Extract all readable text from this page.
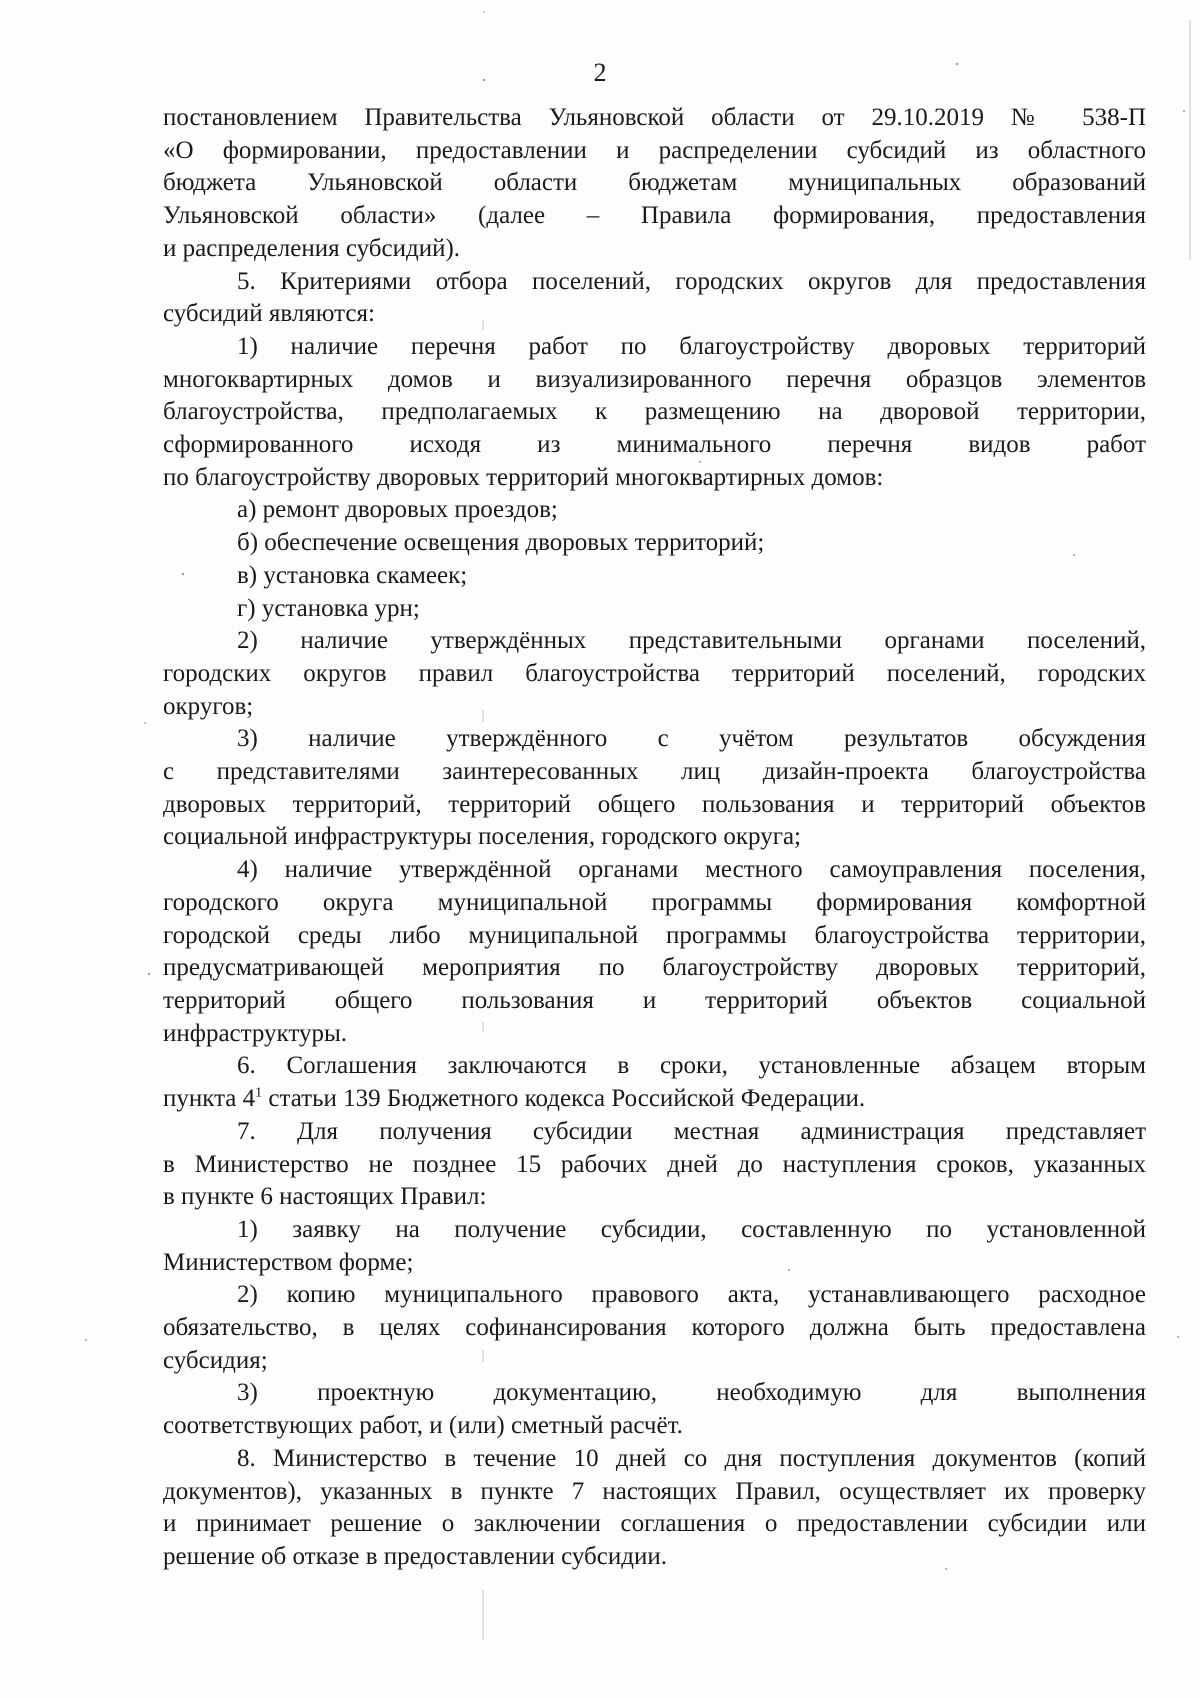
2
постановлением Правительства Ульяновской области от 29.10.2019 № 538-П
«О формировании, предоставлении и распределении субсидий из областного
бюджета Ульяновской области бюджетам муниципальных образований
Ульяновской области» (далее – Правила формирования, предоставления
и распределения субсидий).
5. Критериями отбора поселений, городских округов для предоставления
субсидий являются:
1) наличие перечня работ по благоустройству дворовых территорий
многоквартирных домов и визуализированного перечня образцов элементов
благоустройства, предполагаемых к размещению на дворовой территории,
сформированного исходя из минимального перечня видов работ
по благоустройству дворовых территорий многоквартирных домов:
а) ремонт дворовых проездов;
б) обеспечение освещения дворовых территорий;
в) установка скамеек;
г) установка урн;
2) наличие утверждённых представительными органами поселений,
городских округов правил благоустройства территорий поселений, городских
округов;
3) наличие утверждённого с учётом результатов обсуждения
с представителями заинтересованных лиц дизайн-проекта благоустройства
дворовых территорий, территорий общего пользования и территорий объектов
социальной инфраструктуры поселения, городского округа;
4) наличие утверждённой органами местного самоуправления поселения,
городского округа муниципальной программы формирования комфортной
городской среды либо муниципальной программы благоустройства территории,
предусматривающей мероприятия по благоустройству дворовых территорий,
территорий общего пользования и территорий объектов социальной
инфраструктуры.
6. Соглашения заключаются в сроки, установленные абзацем вторым
пункта $4^1$ статьи 139 Бюджетного кодекса Российской Федерации.
7. Для получения субсидии местная администрация представляет
в Министерство не позднее 15 рабочих дней до наступления сроков, указанных
в пункте 6 настоящих Правил:
1) заявку на получение субсидии, составленную по установленной
Министерством форме;
2) копию муниципального правового акта, устанавливающего расходное
обязательство, в целях софинансирования которого должна быть предоставлена
субсидия;
3) проектную документацию, необходимую для выполнения
соответствующих работ, и (или) сметный расчёт.
8. Министерство в течение 10 дней со дня поступления документов (копий
документов), указанных в пункте 7 настоящих Правил, осуществляет их проверку
и принимает решение о заключении соглашения о предоставлении субсидии или
решение об отказе в предоставлении субсидии.
